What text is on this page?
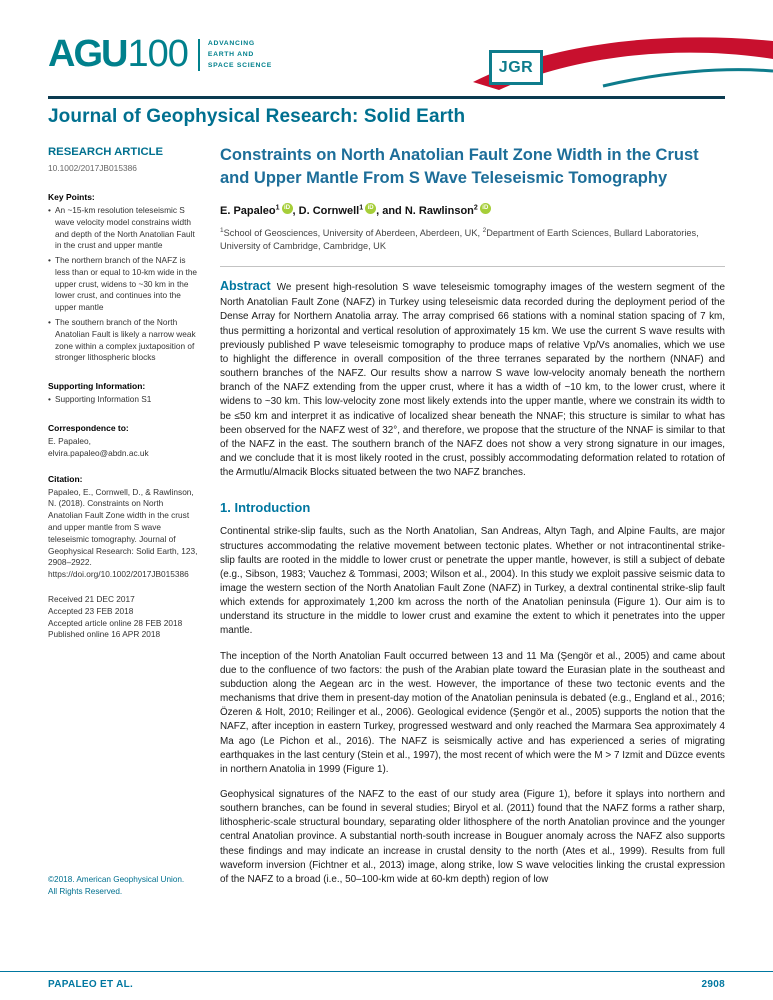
AGU 100	ADVANCING
EARTH AND
SPACE SCIENCE	JGR
Journal of Geophysical Research: Solid Earth
RESEARCH ARTICLE
10.1002/2017JB015386
Key Points:
• An ~15-km resolution teleseismic S wave velocity model constrains width and depth of the North Anatolian Fault in the crust and upper mantle
• The northern branch of the NAFZ is less than or equal to 10-km wide in the upper crust, widens to ~30 km in the lower crust, and continues into the upper mantle
• The southern branch of the North Anatolian Fault is likely a narrow weak zone within a complex juxtaposition of stronger lithospheric blocks
Supporting Information:
• Supporting Information S1
Correspondence to:
E. Papaleo,
elvira.papaleo@abdn.ac.uk
Citation:
Papaleo, E., Cornwell, D., & Rawlinson, N. (2018). Constraints on North Anatolian Fault Zone width in the crust and upper mantle from S wave teleseismic tomography. Journal of Geophysical Research: Solid Earth, 123, 2908–2922.
https://doi.org/10.1002/2017JB015386
Received 21 DEC 2017
Accepted 23 FEB 2018
Accepted article online 28 FEB 2018
Published online 16 APR 2018
©2018. American Geophysical Union.
All Rights Reserved.
Constraints on North Anatolian Fault Zone Width in the Crust and Upper Mantle From S Wave Teleseismic Tomography
E. Papaleo$^1$ iD , D. Cornwell$^1$ iD , and N. Rawlinson$^2$ iD
$^1$School of Geosciences, University of Aberdeen, Aberdeen, UK, $^2$Department of Earth Sciences, Bullard Laboratories, University of Cambridge, Cambridge, UK
Abstract We present high-resolution S wave teleseismic tomography images of the western segment of the North Anatolian Fault Zone (NAFZ) in Turkey using teleseismic data recorded during the deployment period of the Dense Array for Northern Anatolia array. The array comprised 66 stations with a nominal station spacing of 7 km, thus permitting a horizontal and vertical resolution of approximately 15 km. We use the current S wave results with previously published P wave teleseismic tomography to produce maps of relative Vp/Vs anomalies, which we use to highlight the difference in overall composition of the three terranes separated by the northern (NNAF) and southern branches of the NAFZ. Our results show a narrow S wave low-velocity anomaly beneath the northern branch of the NAFZ extending from the upper crust, where it has a width of ~10 km, to the lower crust, where it widens to ~30 km. This low-velocity zone most likely extends into the upper mantle, where we constrain its width to be ≤50 km and interpret it as indicative of localized shear beneath the NNAF; this structure is similar to what has been observed for the NAFZ west of 32°, and therefore, we propose that the structure of the NNAF is similar to that of the NAFZ in the east. The southern branch of the NAFZ does not show a very strong signature in our images, and we conclude that it is most likely rooted in the crust, possibly accommodating deformation related to rotation of the Armutlu/Almacik Blocks situated between the two NAFZ branches.
1. Introduction

Continental strike-slip faults, such as the North Anatolian, San Andreas, Altyn Tagh, and Alpine Faults, are major structures accommodating the relative movement between tectonic plates. Whether or not intracontinental strike-slip faults are rooted in the middle to lower crust or penetrate the upper mantle, however, is still a subject of debate (e.g., Sibson, 1983; Vauchez & Tommasi, 2003; Wilson et al., 2004). In this study we exploit passive seismic data to image the western section of the North Anatolian Fault Zone (NAFZ) in Turkey, a dextral continental strike-slip fault which extends for approximately 1,200 km across the north of the Anatolian peninsula (Figure 1). Our aim is to understand its structure in the middle to lower crust and examine the extent to which it penetrates into the upper mantle.

The inception of the North Anatolian Fault occurred between 13 and 11 Ma (Şengör et al., 2005) and came about due to the confluence of two factors: the push of the Arabian plate toward the Eurasian plate in the southeast and subduction along the Aegean arc in the west. However, the importance of these two tectonic events and the mechanisms that drive them in present-day motion of the Anatolian peninsula is debated (e.g., England et al., 2016; Özeren & Holt, 2010; Reilinger et al., 2006). Geological evidence (Şengör et al., 2005) supports the notion that the NAFZ, after inception in eastern Turkey, progressed westward and only reached the Marmara Sea approximately 4 Ma ago (Le Pichon et al., 2016). The NAFZ is seismically active and has experienced a series of migrating earthquakes in the last century (Stein et al., 1997), the most recent of which were the M > 7 Izmit and Düzce events in northern Anatolia in 1999 (Figure 1).

Geophysical signatures of the NAFZ to the east of our study area (Figure 1), before it splays into northern and southern branches, can be found in several studies; Biryol et al. (2011) found that the NAFZ forms a rather sharp, lithospheric-scale structural boundary, separating older lithosphere of the north Anatolian province and the younger central Anatolian province. A substantial north-south increase in Bouguer anomaly across the NAFZ also supports these findings and may indicate an increase in crustal density to the north (Ates et al., 1999). Results from full waveform inversion (Fichtner et al., 2013) image, along strike, low S wave velocities linking the crustal expression of the NAFZ to a broad (i.e., 50–100-km wide at 60-km depth) region of low

PAPALEO ET AL.	2908
